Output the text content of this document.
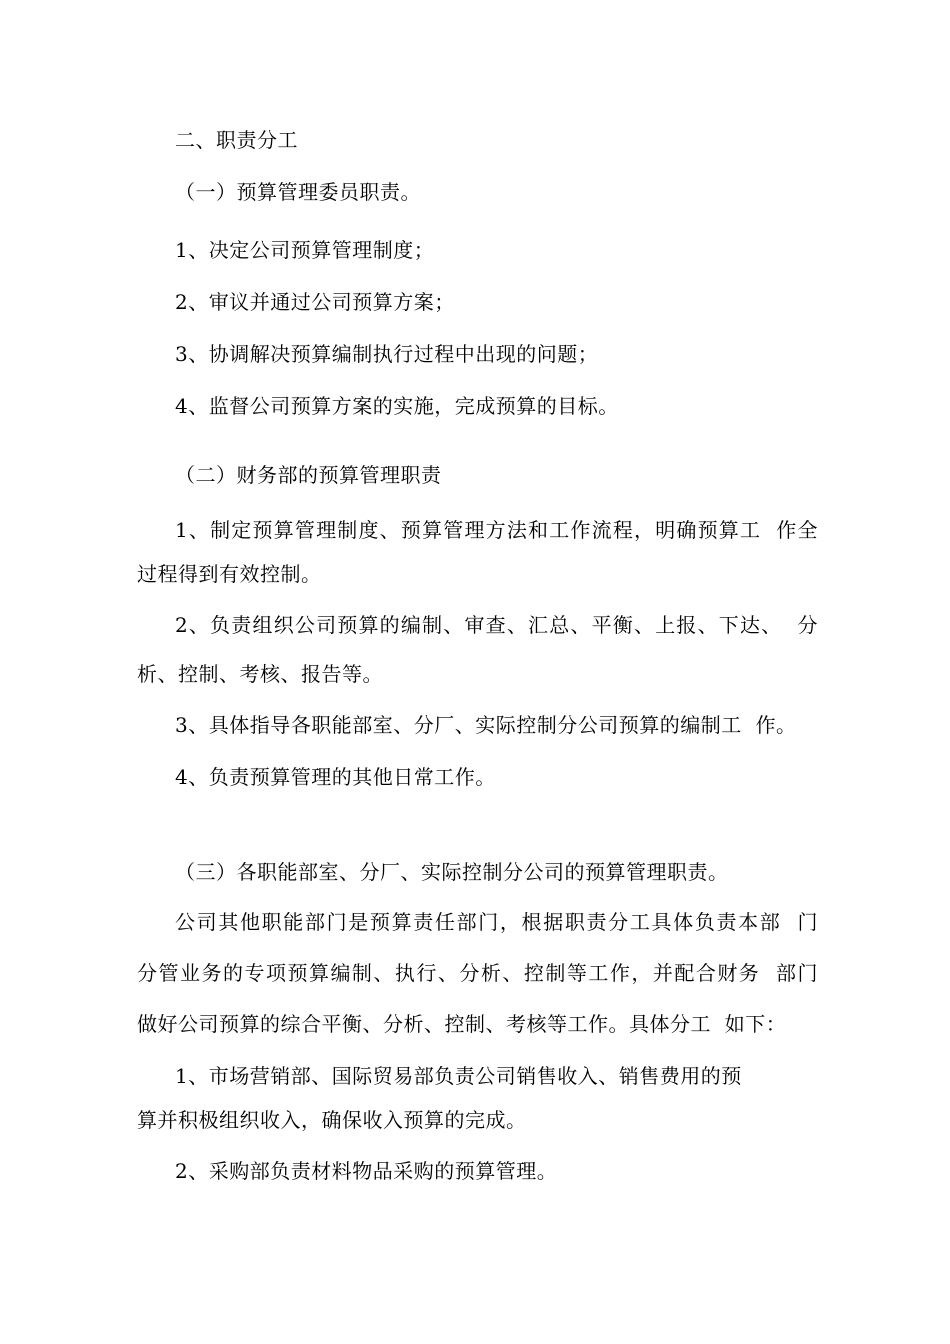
二、职责分工
（一）预算管理委员职责。
1、决定公司预算管理制度；
2、审议并通过公司预算方案；
3、协调解决预算编制执行过程中出现的问题；
4、监督公司预算方案的实施，完成预算的目标。
（二）财务部的预算管理职责
1、制定预算管理制度、预算管理方法和工作流程，明确预算工  作全
过程得到有效控制。
2、负责组织公司预算的编制、审查、汇总、平衡、上报、下达、  分
析、控制、考核、报告等。
3、具体指导各职能部室、分厂、实际控制分公司预算的编制工  作。
4、负责预算管理的其他日常工作。
（三）各职能部室、分厂、实际控制分公司的预算管理职责。
公司其他职能部门是预算责任部门，根据职责分工具体负责本部  门
分管业务的专项预算编制、执行、分析、控制等工作，并配合财务  部门
做好公司预算的综合平衡、分析、控制、考核等工作。具体分工  如下：
1、市场营销部、国际贸易部负责公司销售收入、销售费用的预
算并积极组织收入，确保收入预算的完成。
2、采购部负责材料物品采购的预算管理。
